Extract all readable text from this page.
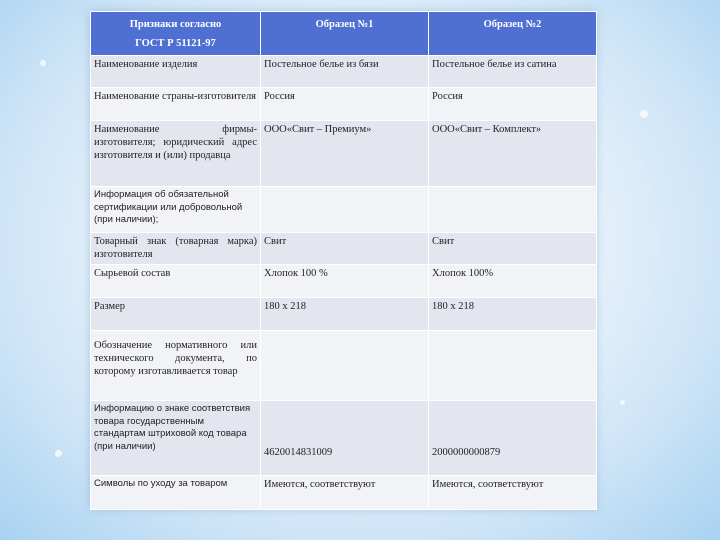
Признаки согласно
ГОСТ Р 51121-97	Образец №1	Образец №2
Наименование изделия	Постельное белье из бязи	Постельное белье из сатина
Наименование страны-изготовителя	Россия	Россия
Наименование фирмы-изготовителя; юридический адрес изготовителя и (или) продавца	ООО«Свит – Премиум»	ООО«Свит – Комплект»
Информация об обязательной сертификации или добровольной (при наличии);		
Товарный знак (товарная марка) изготовителя	Свит	Свит
Сырьевой состав	Хлопок 100 %	Хлопок 100%
Размер	180 x 218	180 x 218
Обозначение нормативного или технического документа, по которому изготавливается товар		
Информацию о знаке соответствия товара государственным стандартам штриховой код товара (при наличии)	4620014831009	2000000000879
Символы по уходу за товаром	Имеются, соответствуют	Имеются, соответствуют
